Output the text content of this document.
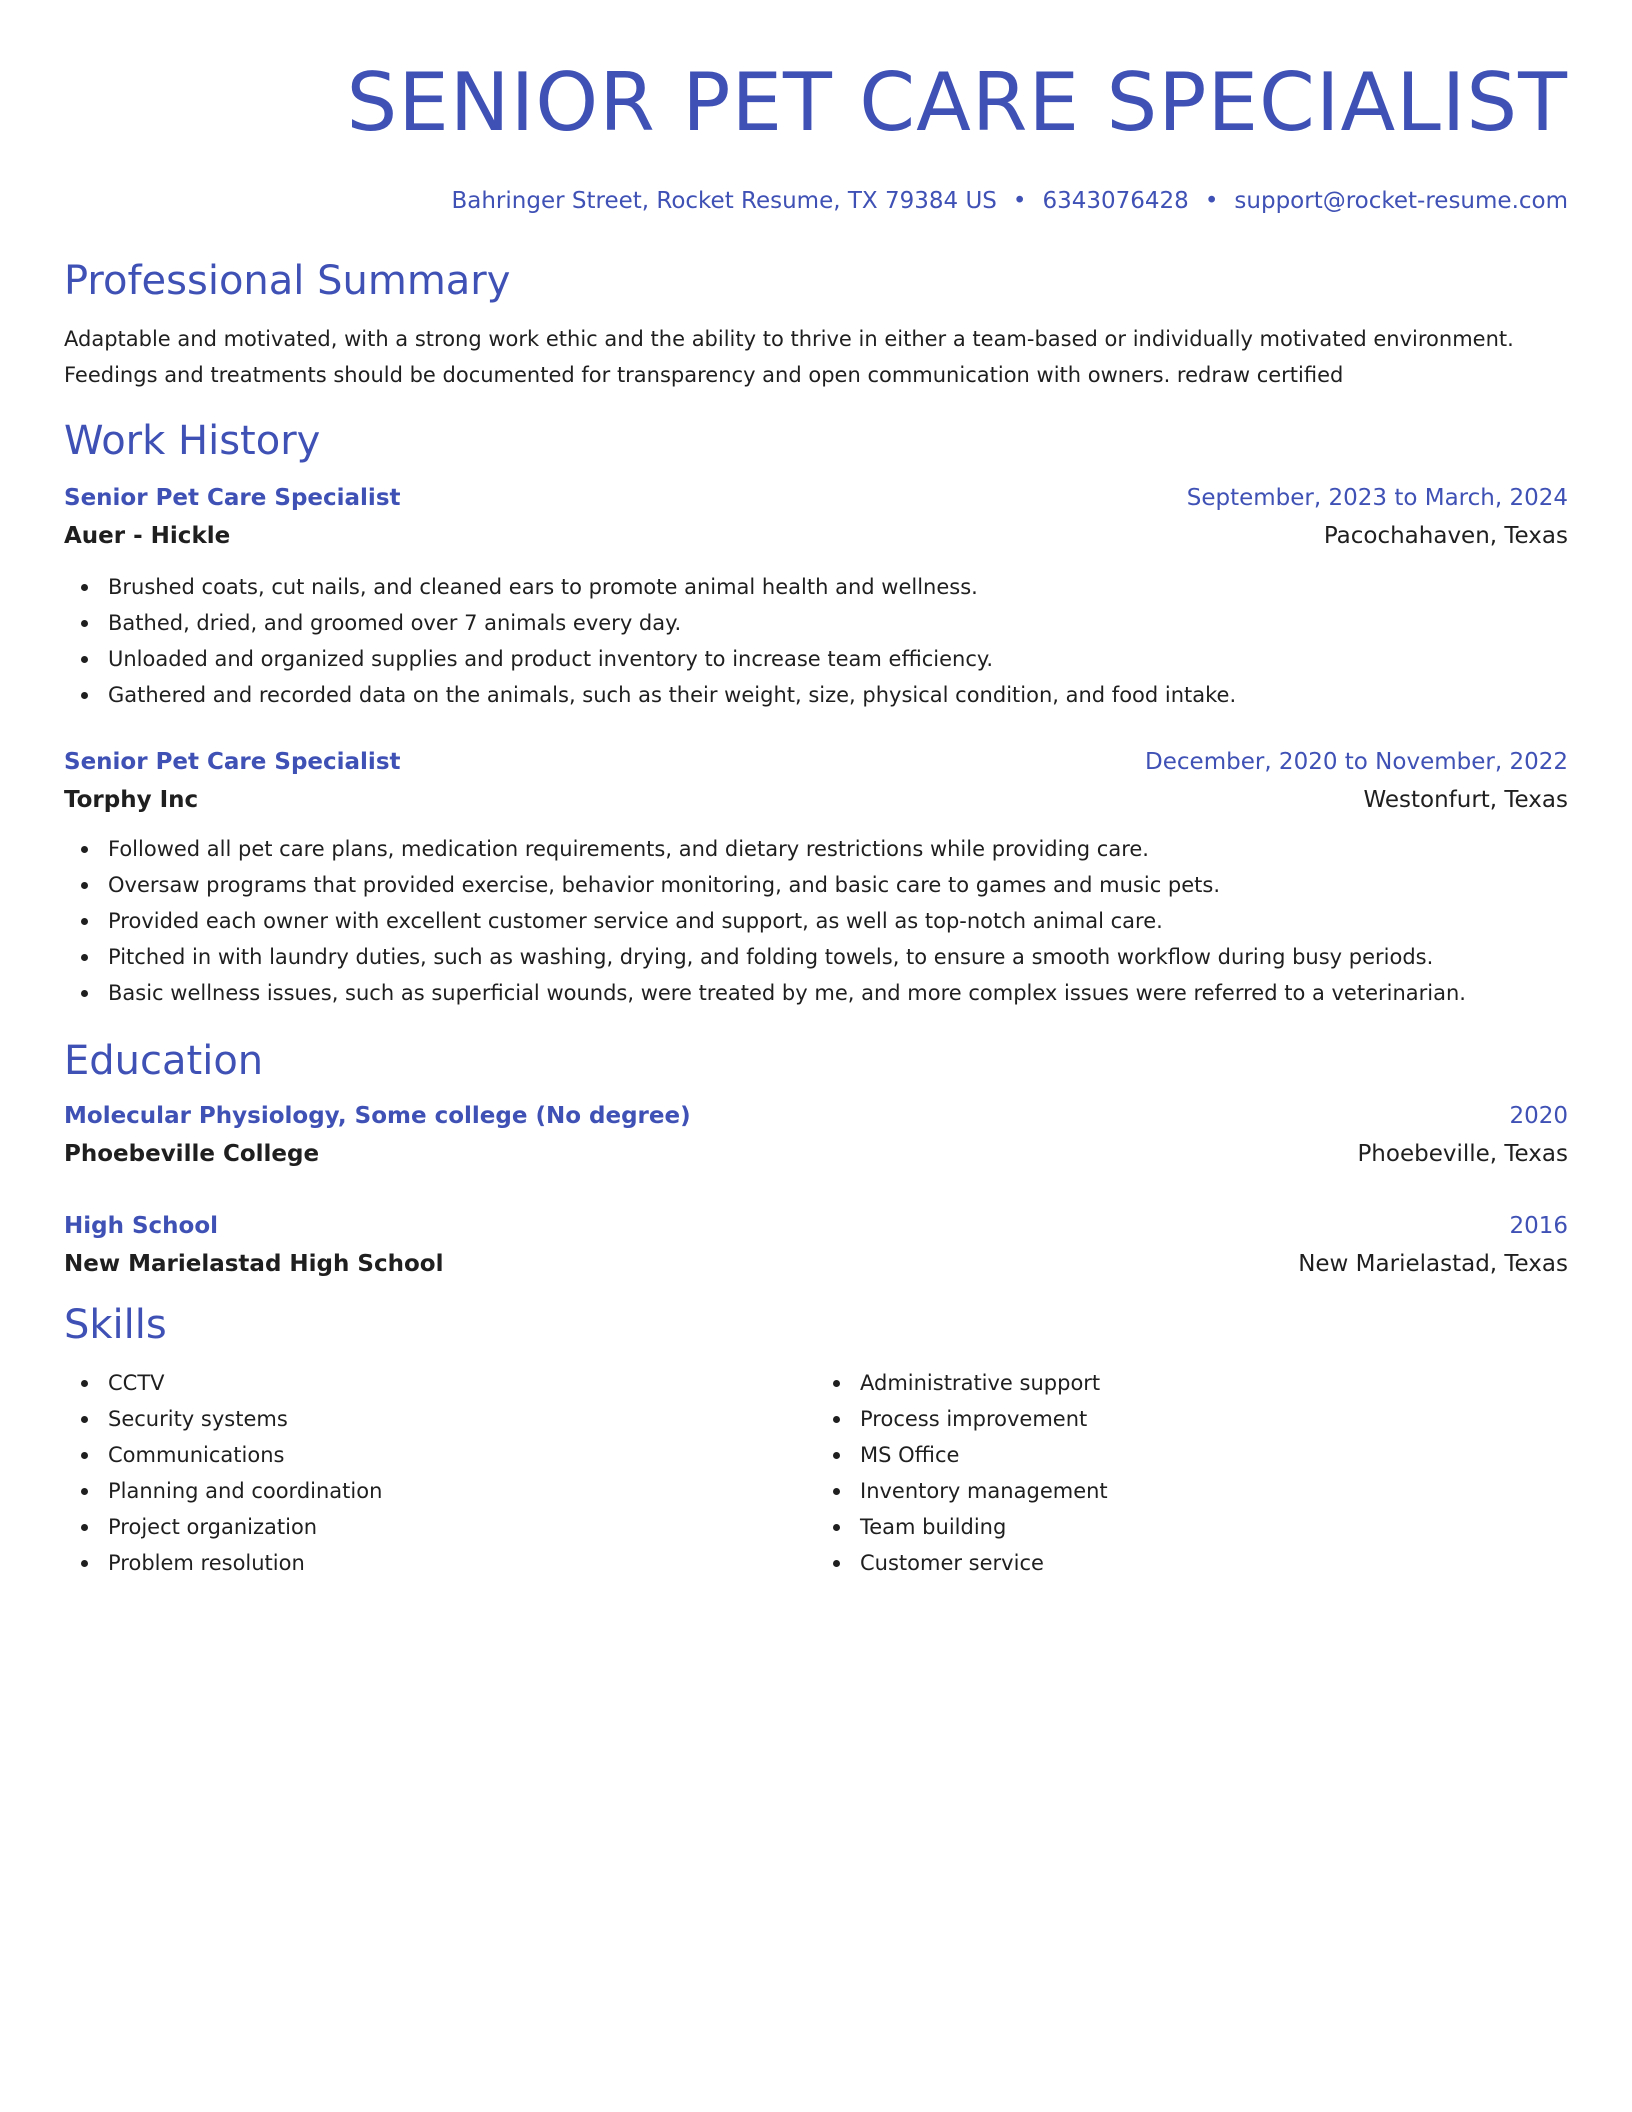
SENIOR PET CARE SPECIALIST
Bahringer Street, Rocket Resume, TX 79384 US • 6343076428 • support@rocket-resume.com
Professional Summary

Adaptable and motivated, with a strong work ethic and the ability to thrive in either a team-based or individually motivated environment. Feedings and treatments should be documented for transparency and open communication with owners. redraw certified

Work History
Senior Pet Care Specialist	September, 2023 to March, 2024
Auer - Hickle	Pacochahaven, Texas
Brushed coats, cut nails, and cleaned ears to promote animal health and wellness.
Bathed, dried, and groomed over 7 animals every day.
Unloaded and organized supplies and product inventory to increase team efficiency.
Gathered and recorded data on the animals, such as their weight, size, physical condition, and food intake.
Senior Pet Care Specialist	December, 2020 to November, 2022
Torphy Inc	Westonfurt, Texas
Followed all pet care plans, medication requirements, and dietary restrictions while providing care.
Oversaw programs that provided exercise, behavior monitoring, and basic care to games and music pets.
Provided each owner with excellent customer service and support, as well as top-notch animal care.
Pitched in with laundry duties, such as washing, drying, and folding towels, to ensure a smooth workflow during busy periods.
Basic wellness issues, such as superficial wounds, were treated by me, and more complex issues were referred to a veterinarian.
Education
Molecular Physiology, Some college (No degree)	2020
Phoebeville College	Phoebeville, Texas
High School	2016
New Marielastad High School	New Marielastad, Texas
Skills
CCTV
Security systems
Communications
Planning and coordination
Project organization
Problem resolution
Administrative support
Process improvement
MS Office
Inventory management
Team building
Customer service
